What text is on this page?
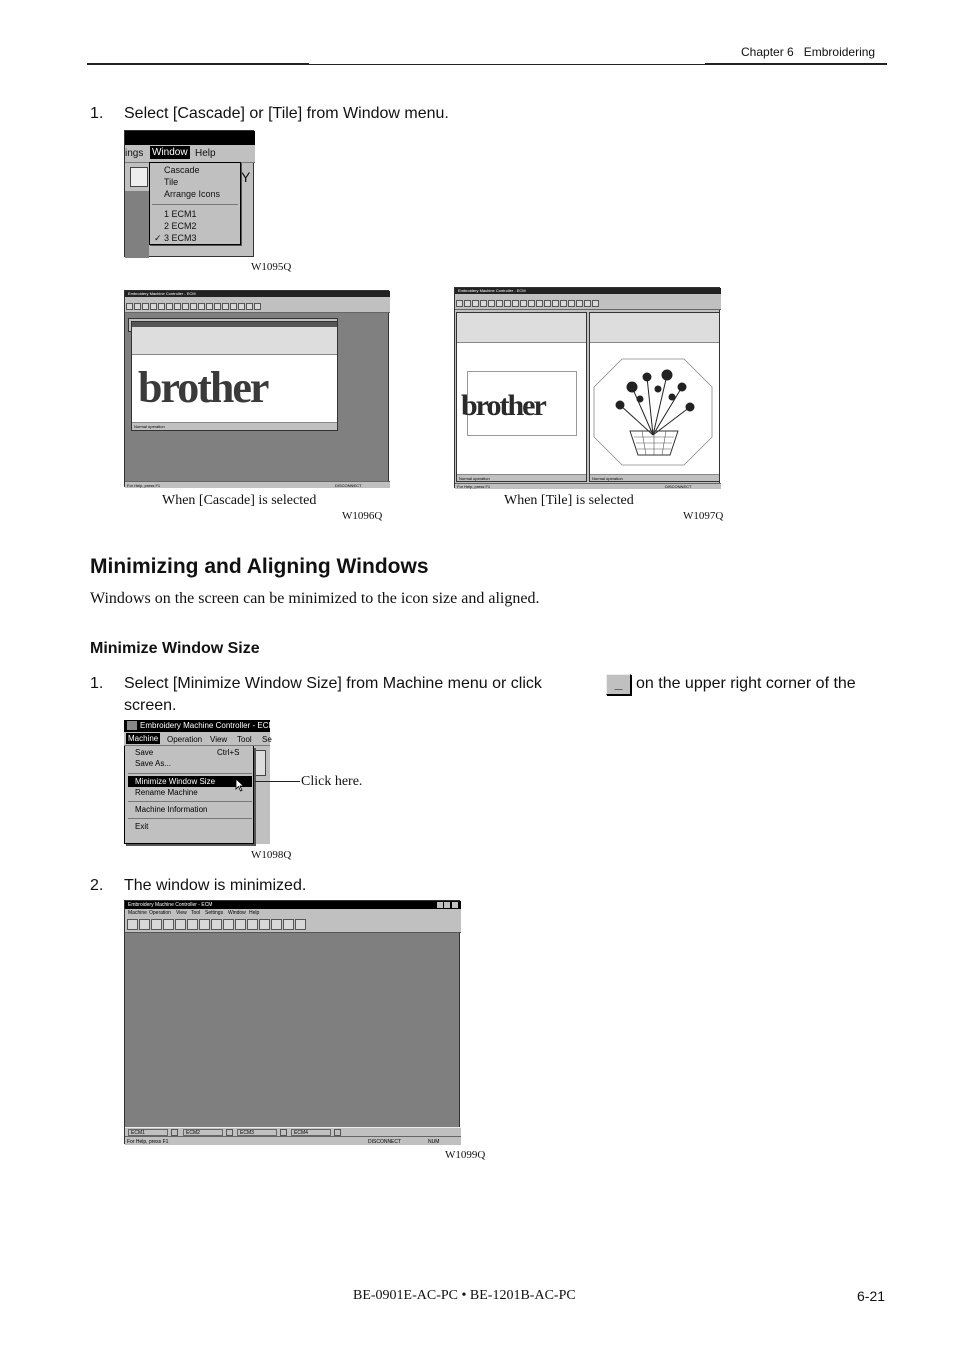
Chapter 6 Embroidering
1. Select [Cascade] or [Tile] from Window menu.
ings Window Help
Y
Cascade
Tile
Arrange Icons
1 ECM1
2 ECM2
✓ 3 ECM3
W1095Q
Embroidery Machine Controller - ECM
brother
Normal operation
For Help, press F1	DISCONNECT
When [Cascade] is selected
W1096Q
Embroidery Machine Controller - ECM
brother
Normal operation	Normal operation
For Help, press F1	DISCONNECT
When [Tile] is selected
W1097Q
Minimizing and Aligning Windows
Windows on the screen can be minimized to the icon size and aligned.
Minimize Window Size
1. Select [Minimize Window Size] from Machine menu or click	_ on the upper right corner of the
screen.
Embroidery Machine Controller - ECM
Machine Operation View Tool Se
Save	Ctrl+S
Save As...
Minimize Window Size
Rename Machine
Machine Information
Exit
Click here.
W1098Q
2. The window is minimized.
Embroidery Machine Controller - ECM
Machine Operation View Tool Settings Window Help
ECM1	ECM2	ECM3	ECM4
For Help, press F1	DISCONNECT	NUM
W1099Q
BE-0901E-AC-PC • BE-1201B-AC-PC	6-21
